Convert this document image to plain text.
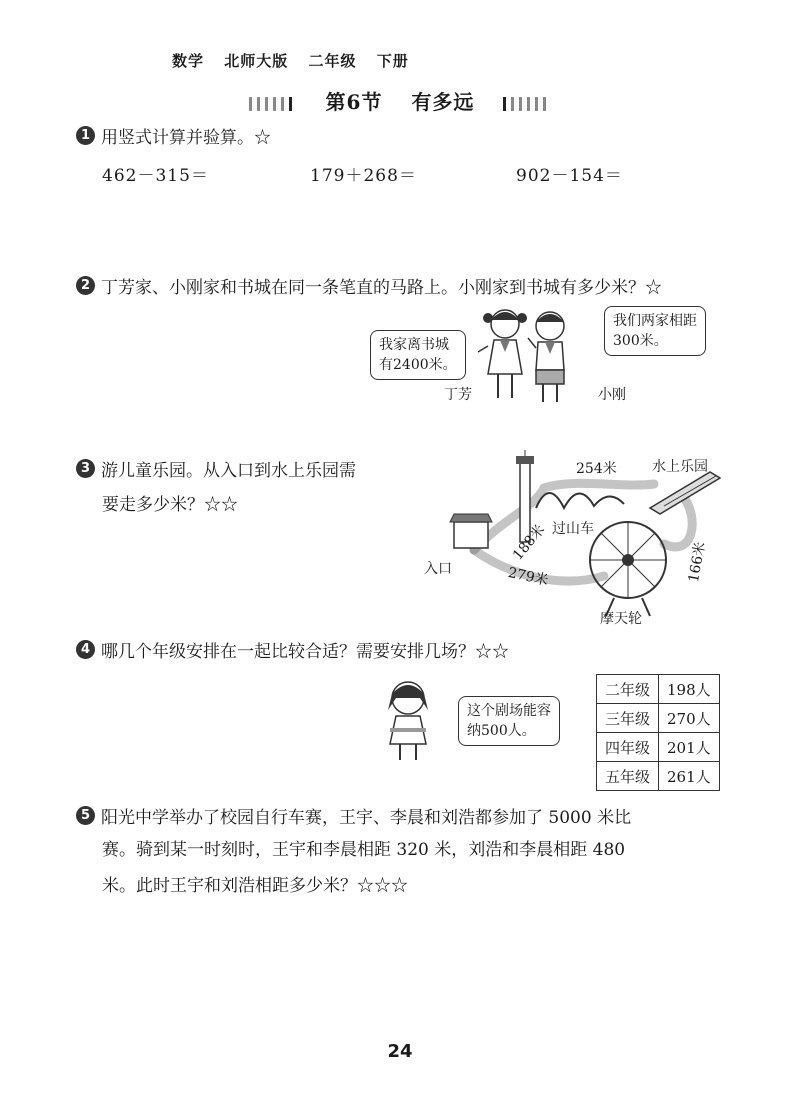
数学 北师大版 二年级 下册
第6节 有多远
1 用竖式计算并验算。☆
462－315＝	179＋268＝	902－154＝
2 丁芳家、小刚家和书城在同一条笔直的马路上。小刚家到书城有多少米？☆
我家离书城
有2400米。
我们两家相距
300米。
丁芳	小刚
3 游儿童乐园。从入口到水上乐园需
要走多少米？☆☆
254米	水上乐园
过山车
188米
279米	166米
入口
摩天轮
4 哪几个年级安排在一起比较合适？需要安排几场？☆☆
这个剧场能容
纳500人。
二年级	198人
三年级	270人
四年级	201人
五年级	261人
5 阳光中学举办了校园自行车赛，王宇、李晨和刘浩都参加了 5000 米比
赛。骑到某一时刻时，王宇和李晨相距 320 米，刘浩和李晨相距 480
米。此时王宇和刘浩相距多少米？☆☆☆
24
